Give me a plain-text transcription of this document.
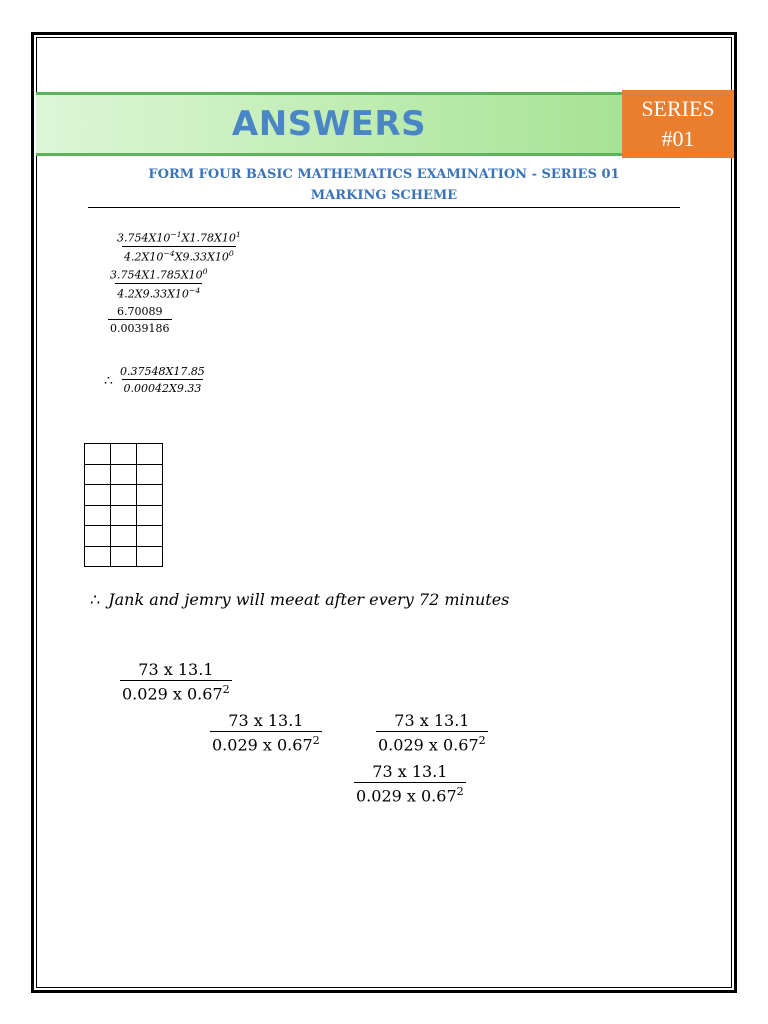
ANSWERS	SERIES
#01
FORM FOUR BASIC MATHEMATICS EXAMINATION - SERIES 01
MARKING SCHEME
$\frac{3.754X10^{-1}X1.78X10^1}{4.2X10^{-4}X9.33X10^0}$
$\frac{3.754X1.785X10^0}{4.2X9.33X10^{-4}}$
$\frac{6.70089}{0.0039186}$
∴ $\frac{0.37548X17.85}{0.00042X9.33}$

∴ Jank and jemry will meeat after every 72 minutes
$\frac{73 x 13.1}{0.029 x 0.67^2}$
$\frac{73 x 13.1}{0.029 x 0.67^2}$	$\frac{73 x 13.1}{0.029 x 0.67^2}$
$\frac{73 x 13.1}{0.029 x 0.67^2}$
